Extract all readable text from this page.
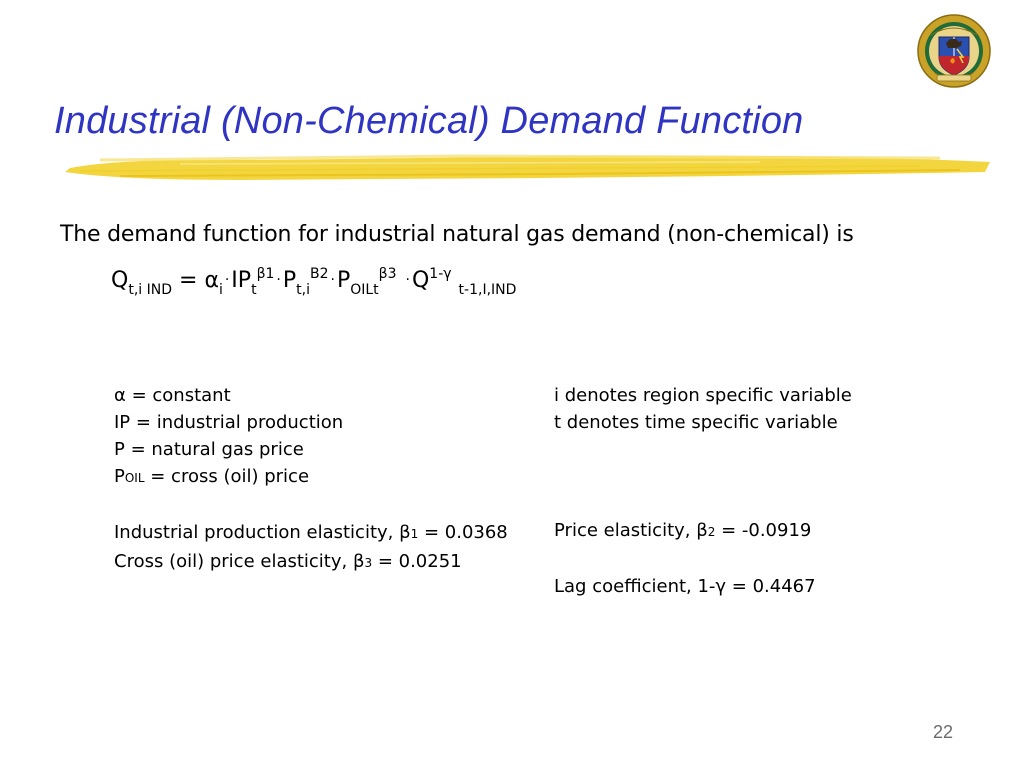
Industrial (Non-Chemical) Demand Function
The demand function for industrial natural gas demand (non-chemical) is
$Q_{t,i IND} = \alpha_i\cdot IP_t^{\beta 1} \cdot P_{t,i}^{B2} \cdot P_{OILt}^{\beta 3} \cdot Q^{1-\gamma}$ $_{t-1,I,IND}$
α = constant
IP = industrial production
P = natural gas price
POIL = cross (oil) price
Industrial production elasticity, β1 = 0.0368
Cross (oil) price elasticity, β3 = 0.0251
i denotes region specific variable
t denotes time specific variable
Price elasticity, β2 = -0.0919
Lag coefficient, 1-γ = 0.4467
22
